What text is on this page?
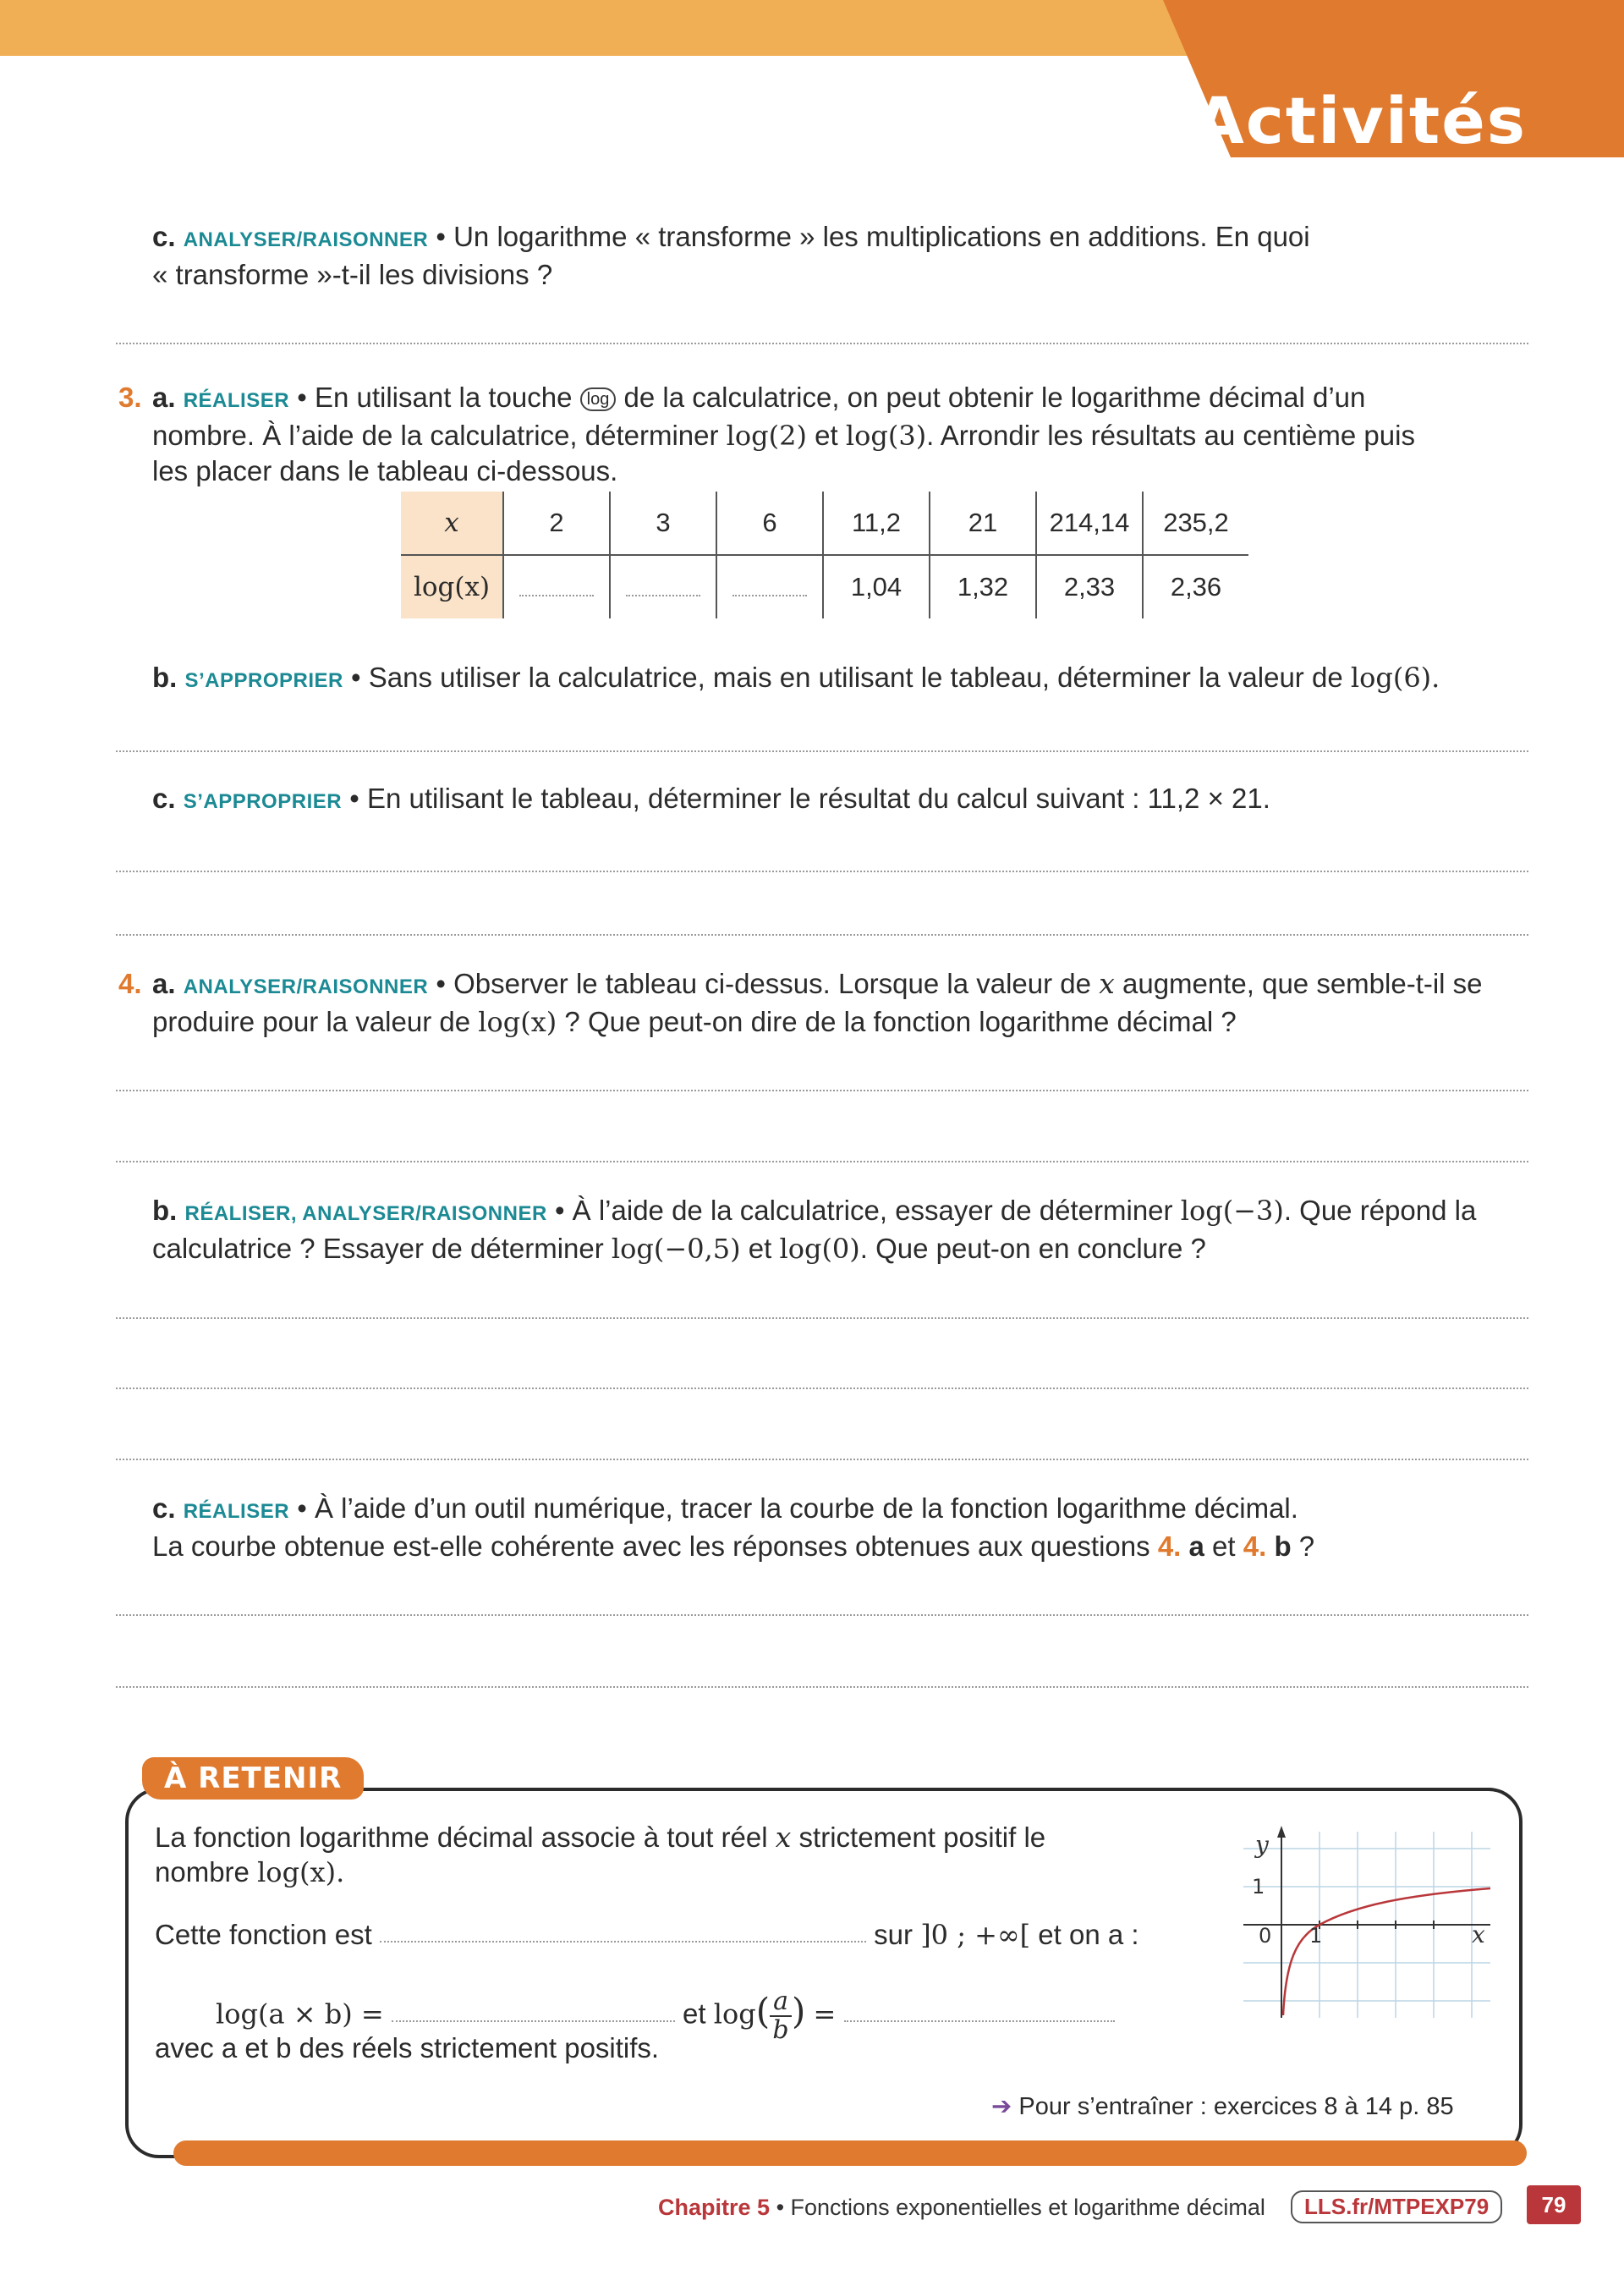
Activités
c. ANALYSER/RAISONNER • Un logarithme « transforme » les multiplications en additions. En quoi
« transforme »-t-il les divisions ?
3. a. RÉALISER • En utilisant la touche log de la calculatrice, on peut obtenir le logarithme décimal d’un
nombre. À l’aide de la calculatrice, déterminer log(2) et log(3). Arrondir les résultats au centième puis
les placer dans le tableau ci-dessous.
x	2	3	6	11,2	21	214,14	235,2
log(x)				1,04	1,32	2,33	2,36
b. S’APPROPRIER • Sans utiliser la calculatrice, mais en utilisant le tableau, déterminer la valeur de log(6).
c. S’APPROPRIER • En utilisant le tableau, déterminer le résultat du calcul suivant : 11,2 × 21.
4. a. ANALYSER/RAISONNER • Observer le tableau ci-dessus. Lorsque la valeur de x augmente, que semble-t-il se
produire pour la valeur de log(x) ? Que peut-on dire de la fonction logarithme décimal ?
b. RÉALISER, ANALYSER/RAISONNER • À l’aide de la calculatrice, essayer de déterminer log(−3). Que répond la
calculatrice ? Essayer de déterminer log(−0,5) et log(0). Que peut-on en conclure ?
c. RÉALISER • À l’aide d’un outil numérique, tracer la courbe de la fonction logarithme décimal.
La courbe obtenue est-elle cohérente avec les réponses obtenues aux questions 4. a et 4. b ?
À RETENIR
La fonction logarithme décimal associe à tout réel x strictement positif le
nombre log(x).
Cette fonction est	sur ]0 ; +∞[ et on a :
log(a × b) =	et $\log( \frac{a}{b}$ ) =
avec a et b des réels strictement positifs.
y
1
0 1	x
➔ Pour s’entraîner : exercices 8 à 14 p. 85
Chapitre 5 • Fonctions exponentielles et logarithme décimal	LLS.fr/MTPEXP79	79
